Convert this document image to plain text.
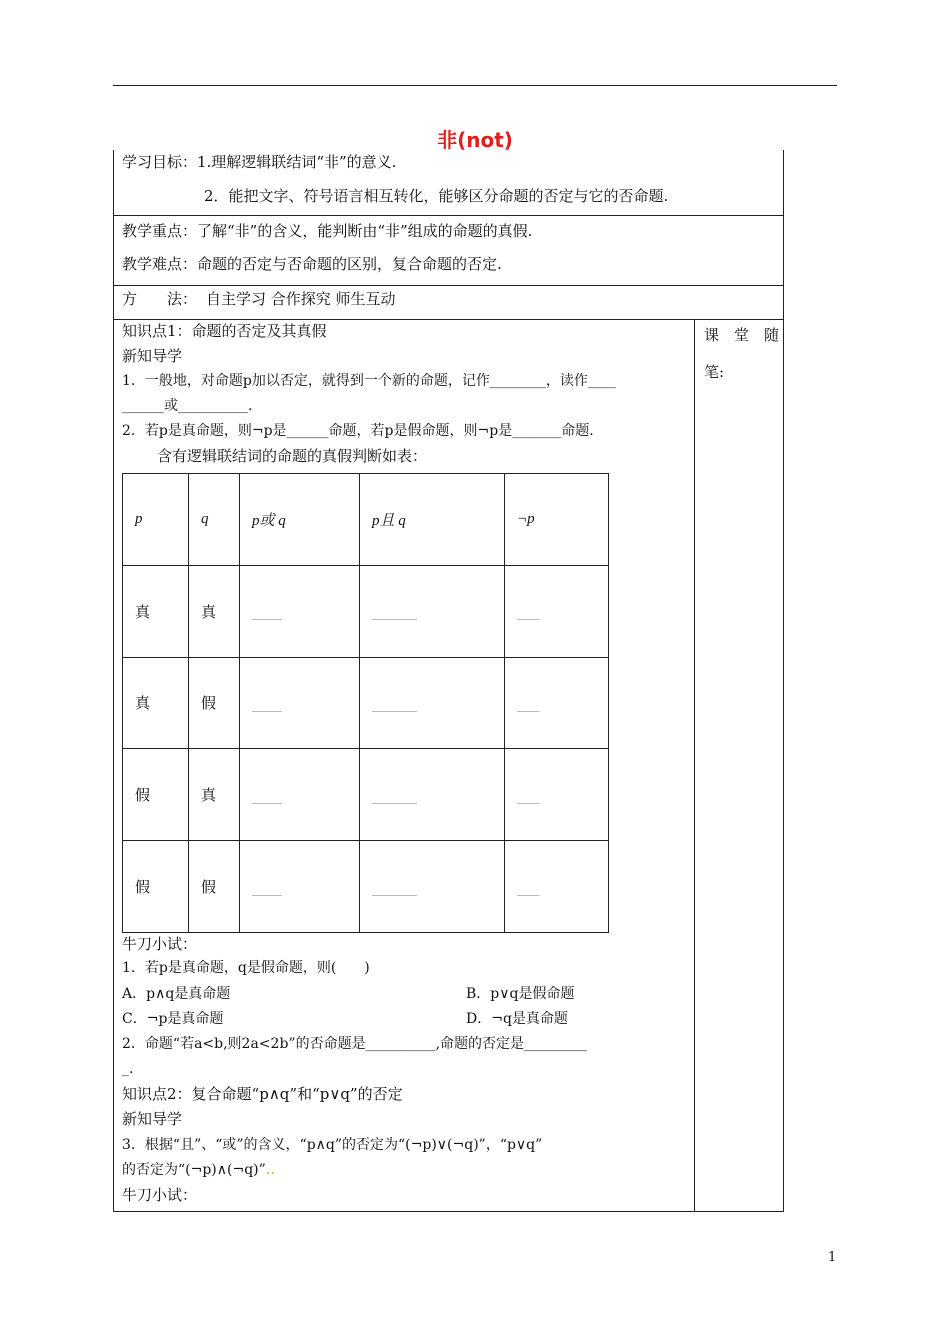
非(not)
学习目标：1.理解逻辑联结词“非”的意义.
2．能把文字、符号语言相互转化，能够区分命题的否定与它的否命题.
教学重点：了解“非”的含义，能判断由“非”组成的命题的真假.
教学难点：命题的否定与否命题的区别，复合命题的否定.
方　　法： 自主学习 合作探究 师生互动
课　堂　随
笔:
知识点1：命题的否定及其真假
新知导学
1．一般地，对命题p加以否定，就得到一个新的命题，记作________，读作____
______或__________.
2．若p是真命题，则¬p是______命题，若p是假命题，则¬p是_______命题.
含有逻辑联结词的命题的真假判断如表：
p	q	p或 q	p且 q	¬p
真	真	____	______	___
真	假	____	______	___
假	真	____	______	___
假	假	____	______	___
牛刀小试：
1．若p是真命题，q是假命题，则(　　)
A．p∧q是真命题	B．p∨q是假命题
C．¬p是真命题	D．¬q是真命题
2．命题“若a<b,则2a<2b”的否命题是__________,命题的否定是_________
_.
知识点2：复合命题“p∧q”和“p∨q”的否定
新知导学
3．根据“且”、“或”的含义，“p∧q”的否定为“(¬p)∨(¬q)”，“p∨q”
的否定为“(¬p)∧(¬q)”..
牛刀小试：
1
